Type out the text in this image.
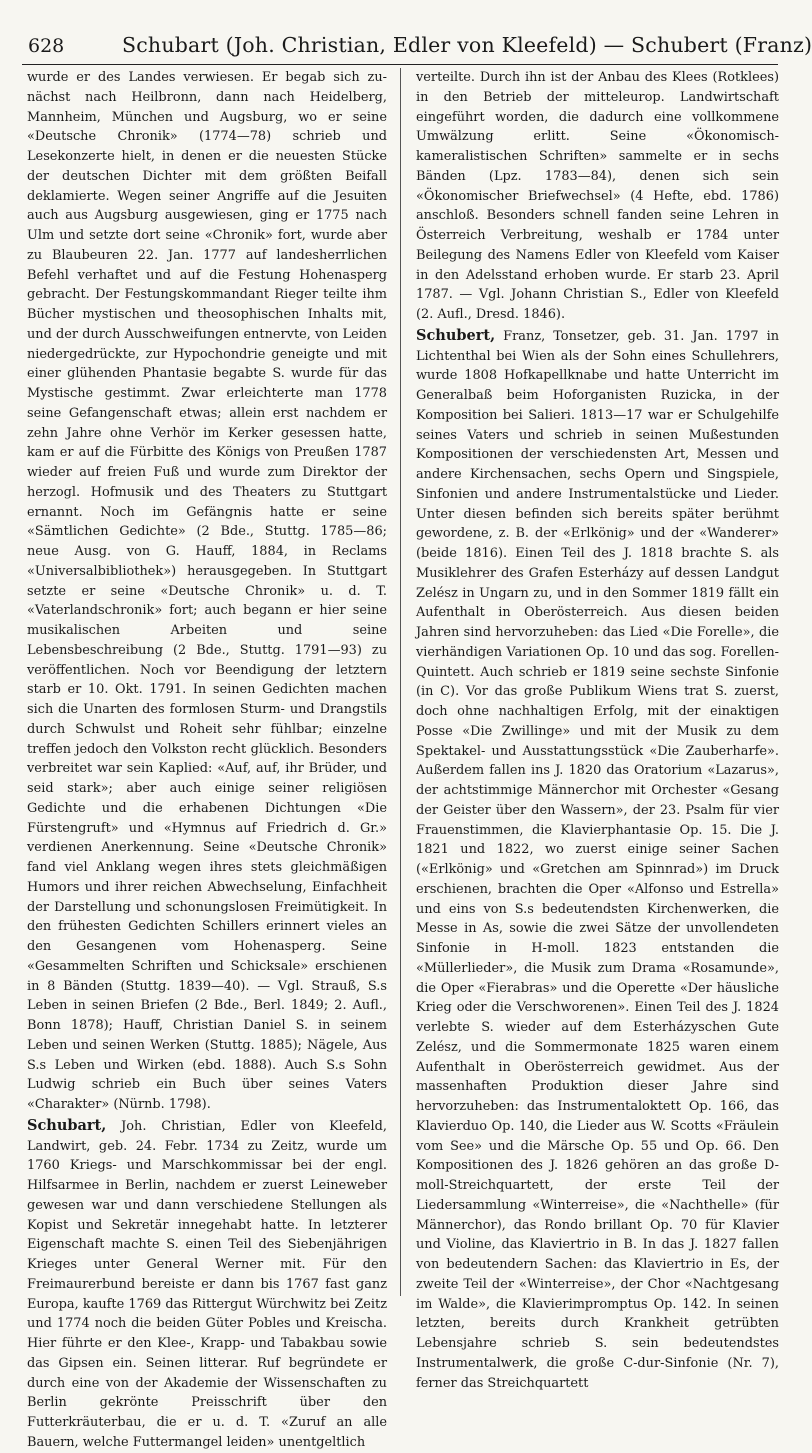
628	Schubart (Joh. Christian, Edler von Kleefeld) — Schubert (Franz)

wurde er des Landes verwiesen. Er begab sich zu-nächst nach Heilbronn, dann nach Heidelberg, Mannheim, München und Augsburg, wo er seine «Deutsche Chronik» (1774—78) schrieb und Lesekonzerte hielt, in denen er die neuesten Stücke der deutschen Dichter mit dem größten Beifall deklamierte. Wegen seiner Angriffe auf die Jesuiten auch aus Augsburg ausgewiesen, ging er 1775 nach Ulm und setzte dort seine «Chronik» fort, wurde aber zu Blaubeuren 22. Jan. 1777 auf landesherrlichen Befehl verhaftet und auf die Festung Hohenasperg gebracht. Der Festungskommandant Rieger teilte ihm Bücher mystischen und theosophischen Inhalts mit, und der durch Ausschweifungen entnervte, von Leiden niedergedrückte, zur Hypochondrie geneigte und mit einer glühenden Phantasie begabte S. wurde für das Mystische gestimmt. Zwar erleichterte man 1778 seine Gefangenschaft etwas; allein erst nachdem er zehn Jahre ohne Verhör im Kerker gesessen hatte, kam er auf die Fürbitte des Königs von Preußen 1787 wieder auf freien Fuß und wurde zum Direktor der herzogl. Hofmusik und des Theaters zu Stuttgart ernannt. Noch im Gefängnis hatte er seine «Sämtlichen Gedichte» (2 Bde., Stuttg. 1785—86; neue Ausg. von G. Hauff, 1884, in Reclams «Universalbibliothek») herausgegeben. In Stuttgart setzte er seine «Deutsche Chronik» u. d. T. «Vaterlandschronik» fort; auch begann er hier seine musikalischen Arbeiten und seine Lebensbeschreibung (2 Bde., Stuttg. 1791—93) zu veröffentlichen. Noch vor Beendigung der letztern starb er 10. Okt. 1791. In seinen Gedichten machen sich die Unarten des formlosen Sturm- und Drangstils durch Schwulst und Roheit sehr fühlbar; einzelne treffen jedoch den Volkston recht glücklich. Besonders verbreitet war sein Kaplied: «Auf, auf, ihr Brüder, und seid stark»; aber auch einige seiner religiösen Gedichte und die erhabenen Dichtungen «Die Fürstengruft» und «Hymnus auf Friedrich d. Gr.» verdienen Anerkennung. Seine «Deutsche Chronik» fand viel Anklang wegen ihres stets gleichmäßigen Humors und ihrer reichen Abwechselung, Einfachheit der Darstellung und schonungslosen Freimütigkeit. In den frühesten Gedichten Schillers erinnert vieles an den Gesangenen vom Hohenasperg. Seine «Gesammelten Schriften und Schicksale» erschienen in 8 Bänden (Stuttg. 1839—40). — Vgl. Strauß, S.s Leben in seinen Briefen (2 Bde., Berl. 1849; 2. Aufl., Bonn 1878); Hauff, Christian Daniel S. in seinem Leben und seinen Werken (Stuttg. 1885); Nägele, Aus S.s Leben und Wirken (ebd. 1888). Auch S.s Sohn Ludwig schrieb ein Buch über seines Vaters «Charakter» (Nürnb. 1798).

Schubart, Joh. Christian, Edler von Kleefeld, Landwirt, geb. 24. Febr. 1734 zu Zeitz, wurde um 1760 Kriegs- und Marschkommissar bei der engl. Hilfsarmee in Berlin, nachdem er zuerst Leineweber gewesen war und dann verschiedene Stellungen als Kopist und Sekretär innegehabt hatte. In letzterer Eigenschaft machte S. einen Teil des Siebenjährigen Krieges unter General Werner mit. Für den Freimaurerbund bereiste er dann bis 1767 fast ganz Europa, kaufte 1769 das Rittergut Würchwitz bei Zeitz und 1774 noch die beiden Güter Pobles und Kreischa. Hier führte er den Klee-, Krapp- und Tabakbau sowie das Gipsen ein. Seinen litterar. Ruf begründete er durch eine von der Akademie der Wissenschaften zu Berlin gekrönte Preisschrift über den Futterkräuterbau, die er u. d. T. «Zuruf an alle Bauern, welche Futtermangel leiden» unentgeltlich

verteilte. Durch ihn ist der Anbau des Klees (Rotklees) in den Betrieb der mitteleurop. Landwirtschaft eingeführt worden, die dadurch eine vollkommene Umwälzung erlitt. Seine «Ökonomisch-kameralistischen Schriften» sammelte er in sechs Bänden (Lpz. 1783—84), denen sich sein «Ökonomischer Briefwechsel» (4 Hefte, ebd. 1786) anschloß. Besonders schnell fanden seine Lehren in Österreich Verbreitung, weshalb er 1784 unter Beilegung des Namens Edler von Kleefeld vom Kaiser in den Adelsstand erhoben wurde. Er starb 23. April 1787. — Vgl. Johann Christian S., Edler von Kleefeld (2. Aufl., Dresd. 1846).

Schubert, Franz, Tonsetzer, geb. 31. Jan. 1797 in Lichtenthal bei Wien als der Sohn eines Schullehrers, wurde 1808 Hofkapellknabe und hatte Unterricht im Generalbaß beim Hoforganisten Ruzicka, in der Komposition bei Salieri. 1813—17 war er Schulgehilfe seines Vaters und schrieb in seinen Mußestunden Kompositionen der verschiedensten Art, Messen und andere Kirchensachen, sechs Opern und Singspiele, Sinfonien und andere Instrumentalstücke und Lieder. Unter diesen befinden sich bereits später berühmt gewordene, z. B. der «Erlkönig» und der «Wanderer» (beide 1816). Einen Teil des J. 1818 brachte S. als Musiklehrer des Grafen Esterházy auf dessen Landgut Zelész in Ungarn zu, und in den Sommer 1819 fällt ein Aufenthalt in Oberösterreich. Aus diesen beiden Jahren sind hervorzuheben: das Lied «Die Forelle», die vierhändigen Variationen Op. 10 und das sog. Forellen-Quintett. Auch schrieb er 1819 seine sechste Sinfonie (in C). Vor das große Publikum Wiens trat S. zuerst, doch ohne nachhaltigen Erfolg, mit der einaktigen Posse «Die Zwillinge» und mit der Musik zu dem Spektakel- und Ausstattungsstück «Die Zauberharfe». Außerdem fallen ins J. 1820 das Oratorium «Lazarus», der achtstimmige Männerchor mit Orchester «Gesang der Geister über den Wassern», der 23. Psalm für vier Frauenstimmen, die Klavierphantasie Op. 15. Die J. 1821 und 1822, wo zuerst einige seiner Sachen («Erlkönig» und «Gretchen am Spinnrad») im Druck erschienen, brachten die Oper «Alfonso und Estrella» und eins von S.s bedeutendsten Kirchenwerken, die Messe in As, sowie die zwei Sätze der unvollendeten Sinfonie in H-moll. 1823 entstanden die «Müllerlieder», die Musik zum Drama «Rosamunde», die Oper «Fierabras» und die Operette «Der häusliche Krieg oder die Verschworenen». Einen Teil des J. 1824 verlebte S. wieder auf dem Esterházyschen Gute Zelész, und die Sommermonate 1825 waren einem Aufenthalt in Oberösterreich gewidmet. Aus der massenhaften Produktion dieser Jahre sind hervorzuheben: das Instrumentaloktett Op. 166, das Klavierduo Op. 140, die Lieder aus W. Scotts «Fräulein vom See» und die Märsche Op. 55 und Op. 66. Den Kompositionen des J. 1826 gehören an das große D-moll-Streichquartett, der erste Teil der Liedersammlung «Winterreise», die «Nachthelle» (für Männerchor), das Rondo brillant Op. 70 für Klavier und Violine, das Klaviertrio in B. In das J. 1827 fallen von bedeutendern Sachen: das Klaviertrio in Es, der zweite Teil der «Winterreise», der Chor «Nachtgesang im Walde», die Klavierimpromptus Op. 142. In seinen letzten, bereits durch Krankheit getrübten Lebensjahre schrieb S. sein bedeutendstes Instrumentalwerk, die große C-dur-Sinfonie (Nr. 7), ferner das Streichquartett
